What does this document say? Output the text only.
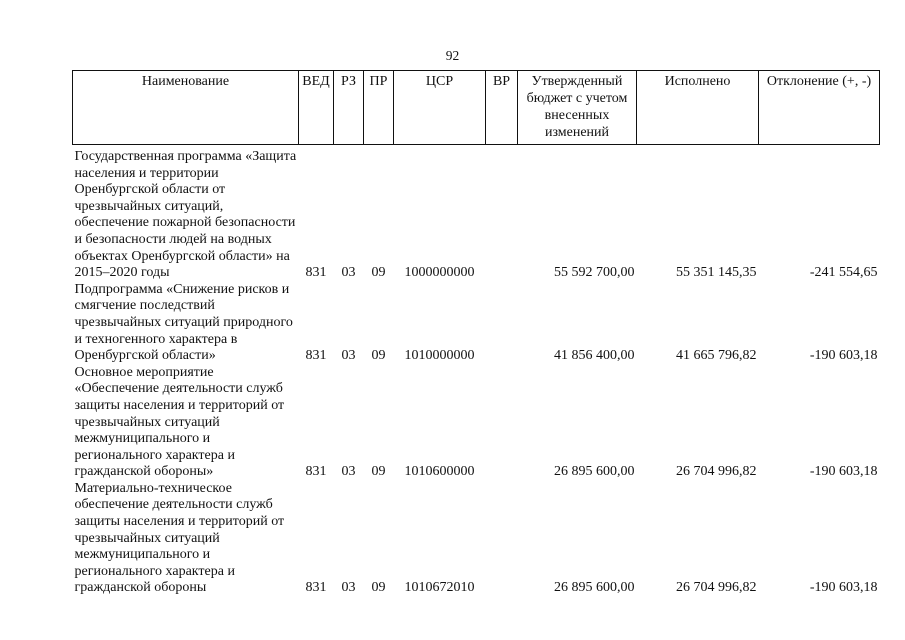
92
Наименование	ВЕД	РЗ	ПР	ЦСР	ВР	Утвержденный бюджет с учетом внесенных изменений	Исполнено	Отклонение (+, -)
Государственная программа «Защита населения и территории Оренбургской области от чрезвычайных ситуаций, обеспечение пожарной безопасности и безопасности людей на водных объектах Оренбургской области» на 2015–2020 годы	831	03	09	1000000000		55 592 700,00	55 351 145,35	-241 554,65
Подпрограмма «Снижение рисков и смягчение последствий чрезвычайных ситуаций природного и техногенного характера в Оренбургской области»	831	03	09	1010000000		41 856 400,00	41 665 796,82	-190 603,18
Основное мероприятие «Обеспечение деятельности служб защиты населения и территорий от чрезвычайных ситуаций межмуниципального и регионального характера и гражданской обороны»	831	03	09	1010600000		26 895 600,00	26 704 996,82	-190 603,18
Материально-техническое обеспечение деятельности служб защиты населения и территорий от чрезвычайных ситуаций межмуниципального и регионального характера и гражданской обороны	831	03	09	1010672010		26 895 600,00	26 704 996,82	-190 603,18
